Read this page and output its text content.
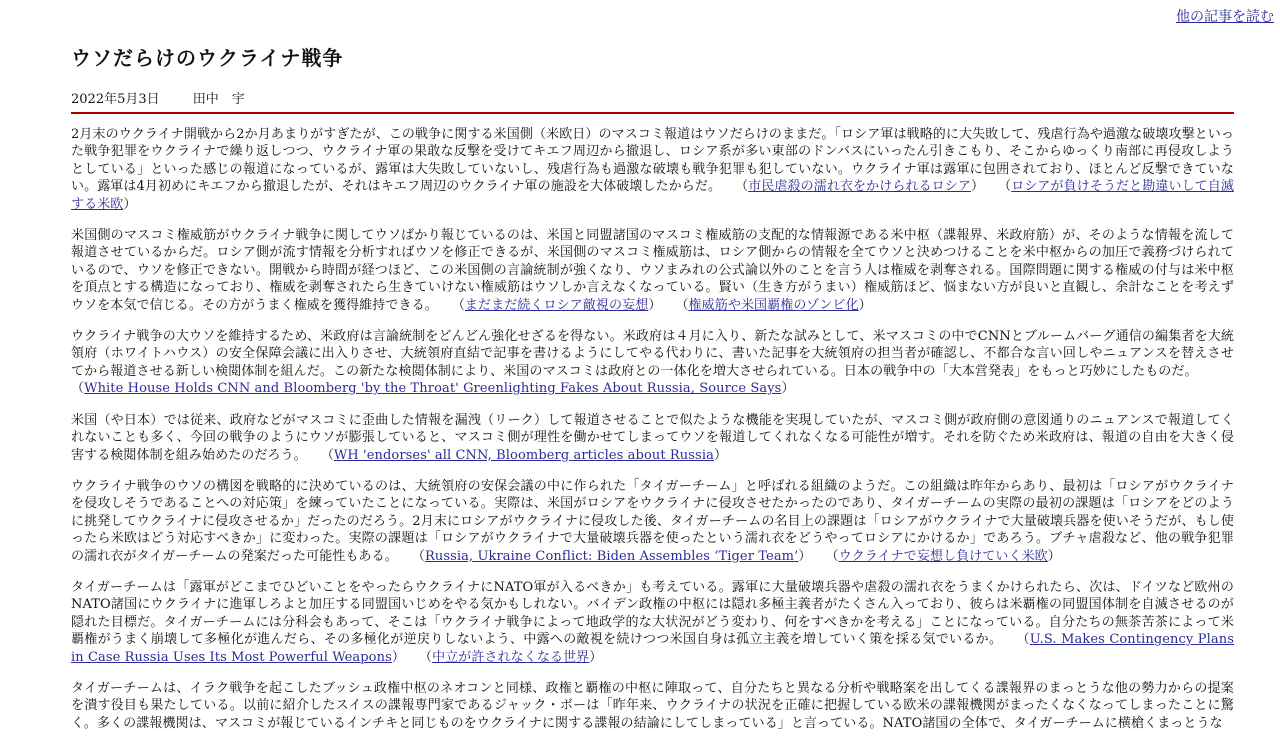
他の記事を読む
ウソだらけのウクライナ戦争
2022年5月3日	田中　宇

2月末のウクライナ開戦から2か月あまりがすぎたが、この戦争に関する米国側（米欧日）のマスコミ報道はウソだらけのままだ。「ロシア軍は戦略的に大失敗して、残虐行為や過激な破壊攻撃といった戦争犯罪をウクライナで繰り返しつつ、ウクライナ軍の果敢な反撃を受けてキエフ周辺から撤退し、ロシア系が多い東部のドンバスにいったん引きこもり、そこからゆっくり南部に再侵攻しようとしている」といった感じの報道になっているが、露軍は大失敗していないし、残虐行為も過激な破壊も戦争犯罪も犯していない。ウクライナ軍は露軍に包囲されており、ほとんど反撃できていない。露軍は4月初めにキエフから撤退したが、それはキエフ周辺のウクライナ軍の施設を大体破壊したからだ。 （市民虐殺の濡れ衣をかけられるロシア） （ロシアが負けそうだと勘違いして自滅する米欧）

米国側のマスコミ権威筋がウクライナ戦争に関してウソばかり報じているのは、米国と同盟諸国のマスコミ権威筋の支配的な情報源である米中枢（諜報界、米政府筋）が、そのような情報を流して報道させているからだ。ロシア側が流す情報を分析すればウソを修正できるが、米国側のマスコミ権威筋は、ロシア側からの情報を全てウソと決めつけることを米中枢からの加圧で義務づけられているので、ウソを修正できない。開戦から時間が経つほど、この米国側の言論統制が強くなり、ウソまみれの公式論以外のことを言う人は権威を剥奪される。国際問題に関する権威の付与は米中枢を頂点とする構造になっており、権威を剥奪されたら生きていけない権威筋はウソしか言えなくなっている。賢い（生き方がうまい）権威筋ほど、悩まない方が良いと直観し、余計なことを考えずウソを本気で信じる。その方がうまく権威を獲得維持できる。 （まだまだ続くロシア敵視の妄想） （権威筋や米国覇権のゾンビ化）

ウクライナ戦争の大ウソを維持するため、米政府は言論統制をどんどん強化せざるを得ない。米政府は４月に入り、新たな試みとして、米マスコミの中でCNNとブルームバーグ通信の編集者を大統領府（ホワイトハウス）の安全保障会議に出入りさせ、大統領府直結で記事を書けるようにしてやる代わりに、書いた記事を大統領府の担当者が確認し、不都合な言い回しやニュアンスを替えさせてから報道させる新しい検閲体制を組んだ。この新たな検閲体制により、米国のマスコミは政府との一体化を増大させられている。日本の戦争中の「大本営発表」をもっと巧妙にしたものだ。
（White House Holds CNN and Bloomberg 'by the Throat' Greenlighting Fakes About Russia, Source Says）

米国（や日本）では従来、政府などがマスコミに歪曲した情報を漏洩（リーク）して報道させることで似たような機能を実現していたが、マスコミ側が政府側の意図通りのニュアンスで報道してくれないことも多く、今回の戦争のようにウソが膨張していると、マスコミ側が理性を働かせてしまってウソを報道してくれなくなる可能性が増す。それを防ぐため米政府は、報道の自由を大きく侵害する検閲体制を組み始めたのだろう。 （WH 'endorses' all CNN, Bloomberg articles about Russia）

ウクライナ戦争のウソの構図を戦略的に決めているのは、大統領府の安保会議の中に作られた「タイガーチーム」と呼ばれる組織のようだ。この組織は昨年からあり、最初は「ロシアがウクライナを侵攻しそうであることへの対応策」を練っていたことになっている。実際は、米国がロシアをウクライナに侵攻させたかったのであり、タイガーチームの実際の最初の課題は「ロシアをどのように挑発してウクライナに侵攻させるか」だったのだろう。2月末にロシアがウクライナに侵攻した後、タイガーチームの名目上の課題は「ロシアがウクライナで大量破壊兵器を使いそうだが、もし使ったら米欧はどう対応すべきか」に変わった。実際の課題は「ロシアがウクライナで大量破壊兵器を使ったという濡れ衣をどうやってロシアにかけるか」であろう。ブチャ虐殺など、他の戦争犯罪の濡れ衣がタイガーチームの発案だった可能性もある。 （Russia, Ukraine Conflict: Biden Assembles ‘Tiger Team’） （ウクライナで妄想し負けていく米欧）

タイガーチームは「露軍がどこまでひどいことをやったらウクライナにNATO軍が入るべきか」も考えている。露軍に大量破壊兵器や虐殺の濡れ衣をうまくかけられたら、次は、ドイツなど欧州のNATO諸国にウクライナに進軍しろよと加圧する同盟国いじめをやる気かもしれない。バイデン政権の中枢には隠れ多極主義者がたくさん入っており、彼らは米覇権の同盟国体制を自滅させるのが隠れた目標だ。タイガーチームには分科会もあって、そこは「ウクライナ戦争によって地政学的な大状況がどう変わり、何をすべきかを考える」ことになっている。自分たちの無茶苦茶によって米覇権がうまく崩壊して多極化が進んだら、その多極化が逆戻りしないよう、中露への敵視を続けつつ米国自身は孤立主義を増していく策を採る気でいるか。 （U.S. Makes Contingency Plans in Case Russia Uses Its Most Powerful Weapons） （中立が許されなくなる世界）

タイガーチームは、イラク戦争を起こしたブッシュ政権中枢のネオコンと同様、政権と覇権の中枢に陣取って、自分たちと異なる分析や戦略案を出してくる諜報界のまっとうな他の勢力からの提案を潰す役目も果たしている。以前に紹介したスイスの諜報専門家であるジャック・ボーは「昨年来、ウクライナの状況を正確に把握している欧米の諜報機関がまったくなくなってしまったことに驚く。多くの諜報機関は、マスコミが報じているインチキと同じものをウクライナに関する諜報の結論にしてしまっている」と言っている。NATO諸国の全体で、タイガーチームに横槍くまっとうな
